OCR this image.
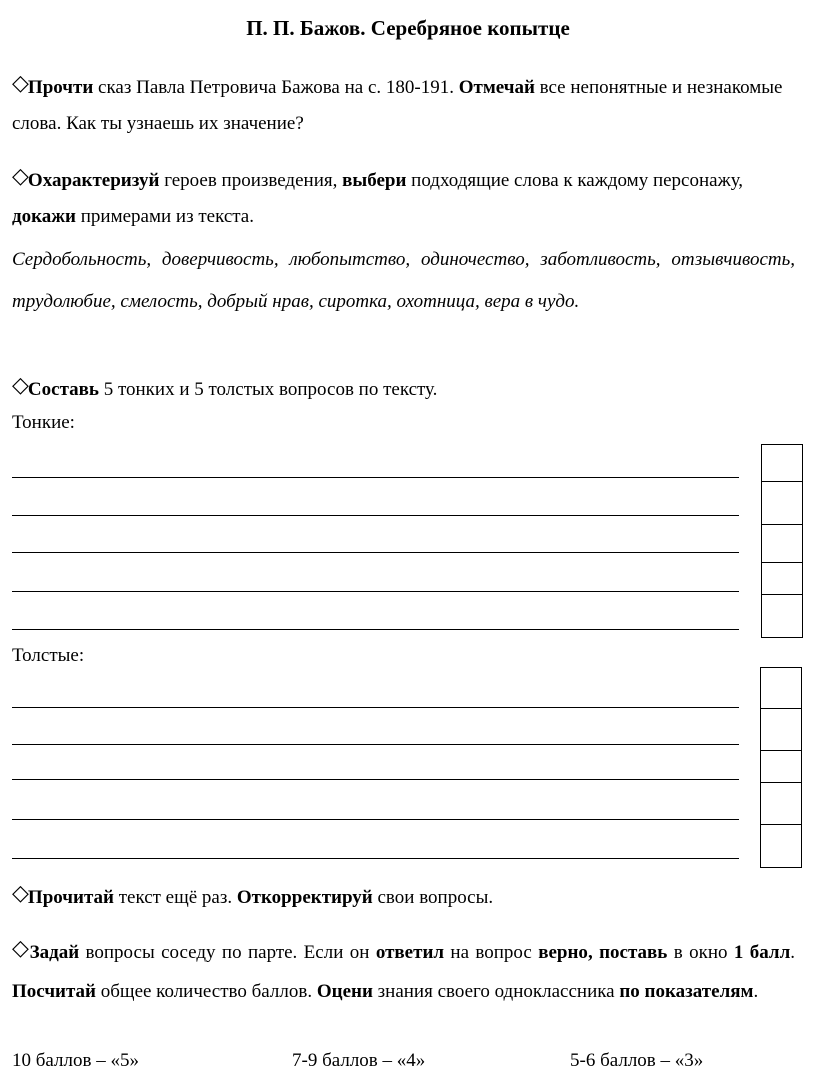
П. П. Бажов. Серебряное копытце

◇Прочти сказ Павла Петровича Бажова на с. 180-191. Отмечай все непонятные и незнакомые слова. Как ты узнаешь их значение?

◇Охарактеризуй героев произведения, выбери подходящие слова к каждому персонажу, докажи примерами из текста.

Сердобольность, доверчивость, любопытство, одиночество, заботливость, отзывчивость, трудолюбие, смелость, добрый нрав, сиротка, охотница, вера в чудо.

◇Составь 5 тонких и 5 толстых вопросов по тексту.

Тонкие:
Толстые:

◇Прочитай текст ещё раз. Откорректируй свои вопросы.

◇Задай вопросы соседу по парте. Если он ответил на вопрос верно, поставь в окно 1 балл. Посчитай общее количество баллов. Оцени знания своего одноклассника по показателям.

10 баллов – «5»	7-9 баллов – «4»	5-6 баллов – «3»
